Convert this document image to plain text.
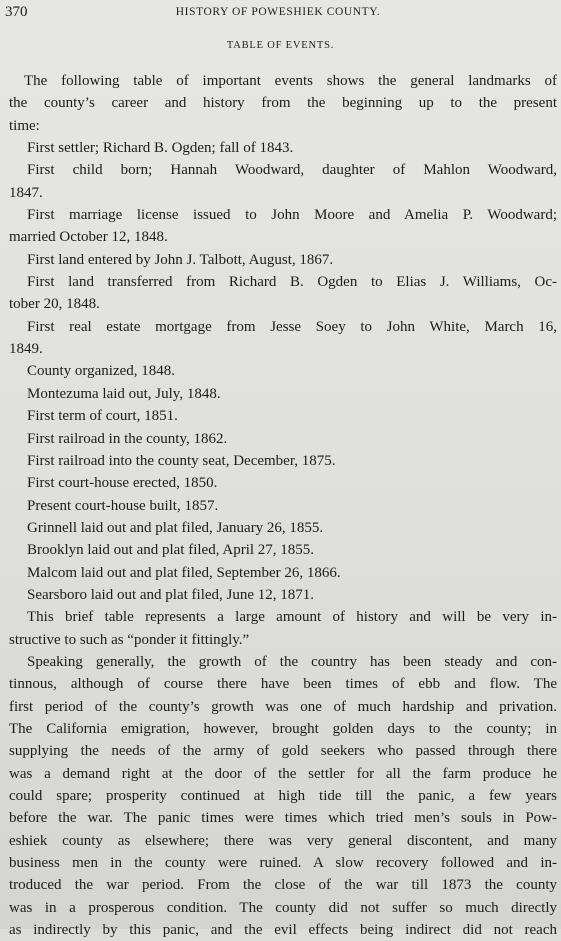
370	HISTORY OF POWESHIEK COUNTY.
TABLE OF EVENTS.
The following table of important events shows the general landmarks of
the county’s career and history from the beginning up to the present
time:
First settler; Richard B. Ogden; fall of 1843.
First child born; Hannah Woodward, daughter of Mahlon Woodward,
1847.
First marriage license issued to John Moore and Amelia P. Woodward;
married October 12, 1848.
First land entered by John J. Talbott, August, 1867.
First land transferred from Richard B. Ogden to Elias J. Williams, Oc-
tober 20, 1848.
First real estate mortgage from Jesse Soey to John White, March 16,
1849.
County organized, 1848.
Montezuma laid out, July, 1848.
First term of court, 1851.
First railroad in the county, 1862.
First railroad into the county seat, December, 1875.
First court-house erected, 1850.
Present court-house built, 1857.
Grinnell laid out and plat filed, January 26, 1855.
Brooklyn laid out and plat filed, April 27, 1855.
Malcom laid out and plat filed, September 26, 1866.
Searsboro laid out and plat filed, June 12, 1871.
This brief table represents a large amount of history and will be very in-
structive to such as “ponder it fittingly.”
Speaking generally, the growth of the country has been steady and con-
tinnous, although of course there have been times of ebb and flow. The
first period of the county’s growth was one of much hardship and privation.
The California emigration, however, brought golden days to the county; in
supplying the needs of the army of gold seekers who passed through there
was a demand right at the door of the settler for all the farm produce he
could spare; prosperity continued at high tide till the panic, a few years
before the war. The panic times were times which tried men’s souls in Pow-
eshiek county as elsewhere; there was very general discontent, and many
business men in the county were ruined. A slow recovery followed and in-
troduced the war period. From the close of the war till 1873 the county
was in a prosperous condition. The county did not suffer so much directly
as indirectly by this panic, and the evil effects being indirect did not reach
